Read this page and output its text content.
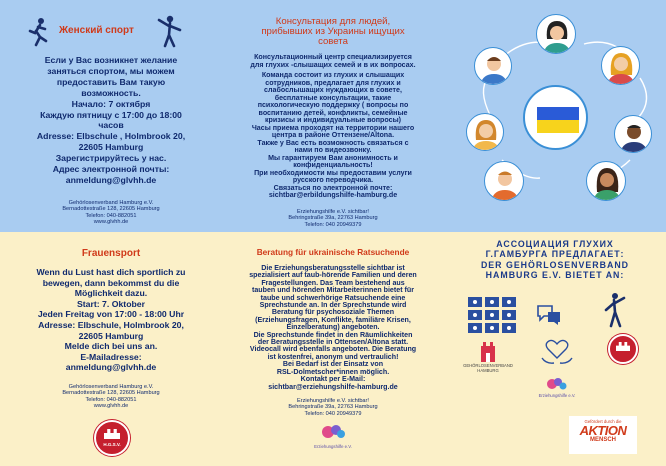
Женский спорт
Если у Вас возникнет желание
заняться спортом, мы можем
предоставить Вам такую
возможность.
Начало: 7 октября
Каждую пятницу с 17:00 до 18:00
часов
Adresse: Elbschule , Holmbrook 20,
22605 Hamburg
Зарегистрируйтесь у нас.
Адрес электронной почты:
anmeldung@glvhh.de
Gehörlosenverband Hamburg e.V.
Bernadottestraße 128, 22605 Hamburg
Telefon: 040-882051
www.glvhh.de
Консультация для людей,
прибывших из Украины ищущих
совета
Консультационный центр специализируется
для глухих -слышащих семей и в их вопросах.
Команда состоит из глухих и слышащих
сотрудников, предлагает для глухих и
слабослышащих нуждающих в совете,
бесплатные консультации, такие
психологическую поддержку ( вопросы по
воспитанию детей, конфликты, семейные
кризисы и индивидуальные вопросы)
Часы приема проходят на территории нашего
центра в районе Оттензене/Altona.
Также у Вас есть возможность связаться с
нами по видеозвонку.
Мы гарантируем Вам анонимность и
конфиденциальность!
При необходимости мы предоставим услуги
русского переводчика.
Связаться по электронной почте:
sichtbar@erbildungshilfe-hamburg.de
Erziehungshilfe e.V. sichtbar!
Behringstraße 39a, 22763 Hamburg
Telefon: 040 20949379
Frauensport
Wenn du Lust hast dich sportlich zu
bewegen, dann bekommst du die
Möglichkeit dazu.
Start: 7. Oktober
Jeden Freitag von 17:00 - 18:00 Uhr
Adresse: Elbschule, Holmbrook 20,
22605 Hamburg
Melde dich bei uns an.
E-Mailadresse:
anmeldung@glvhh.de
Gehörlosenverband Hamburg e.V.
Bernadottestraße 128, 22605 Hamburg
Telefon: 040-882051
www.glvhh.de
H.G.S.V.
Beratung für ukrainische Ratsuchende
Die Erziehungsberatungsstelle sichtbar ist
spezialisiert auf taub-hörende Familien und deren
Fragestellungen. Das Team bestehend aus
tauben und hörenden Mitarbeiterinnen bietet für
taube und schwerhörige Ratsuchende eine
Sprechstunde an. In der Sprechstunde wird
Beratung für psychosoziale Themen
(Erziehungsfragen, Konflikte, familiäre Krisen,
Einzelberatung) angeboten.
Die Sprechstunde findet in den Räumlichkeiten
der Beratungsstelle in Ottensen/Altona statt.
Videocall wird ebenfalls angeboten. Die Beratung
ist kostenfrei, anonym und vertraulich!
Bei Bedarf ist der Einsatz von
RSL-Dolmetscher*innen möglich.
Kontakt per E-Mail:
sichtbar@erziehungshilfe-hamburg.de
Erziehungshilfe e.V. sichtbar!
Behringstraße 39a, 22763 Hamburg
Telefon: 040 20949379
Erziehungshilfe e.V.
АССОЦИАЦИЯ ГЛУХИХ
Г.ГАМБУРГА ПРЕДЛАГАЕТ:
DER GEHÖRLOSENVERBAND
HAMBURG E.V. BIETET AN:
GEHÖRLOSENVERBAND
HAMBURG
Erziehungshilfe e.V.
Gefördert durch die
AKTION
MENSCH
